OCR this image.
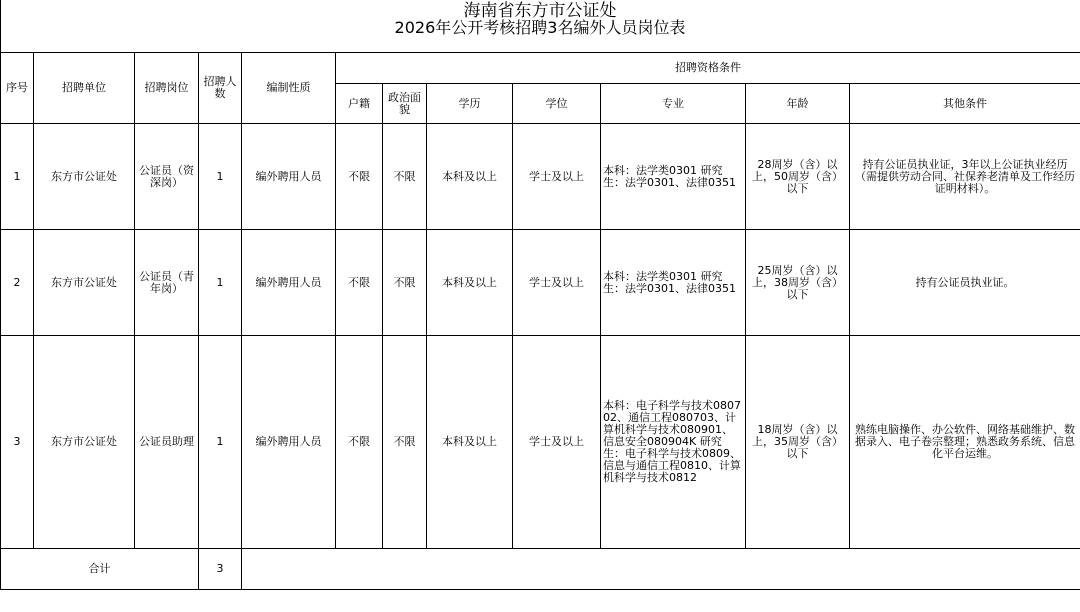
海南省东方市公证处
2026年公开考核招聘3名编外人员岗位表
序号	招聘单位	招聘岗位	招聘人数	编制性质	招聘资格条件						
					户籍	政治面貌	学历	学位	专业	年龄	其他条件
1	东方市公证处	公证员（资深岗）	1	编外聘用人员	不限	不限	本科及以上	学士及以上	本科：法学类0301 研究生：法学0301、法律0351	28周岁（含）以上，50周岁（含）以下	持有公证员执业证，3年以上公证执业经历（需提供劳动合同、社保养老清单及工作经历证明材料）。
2	东方市公证处	公证员（青年岗）	1	编外聘用人员	不限	不限	本科及以上	学士及以上	本科：法学类0301 研究生：法学0301、法律0351	25周岁（含）以上，38周岁（含）以下	持有公证员执业证。
3	东方市公证处	公证员助理	1	编外聘用人员	不限	不限	本科及以上	学士及以上	本科：电子科学与技术080702、通信工程080703、计算机科学与技术080901、信息安全080904K 研究生：电子科学与技术0809、信息与通信工程0810、计算机科学与技术0812	18周岁（含）以上，35周岁（含）以下	熟练电脑操作、办公软件、网络基础维护、数据录入、电子卷宗整理；熟悉政务系统、信息化平台运维。
合计			3								
